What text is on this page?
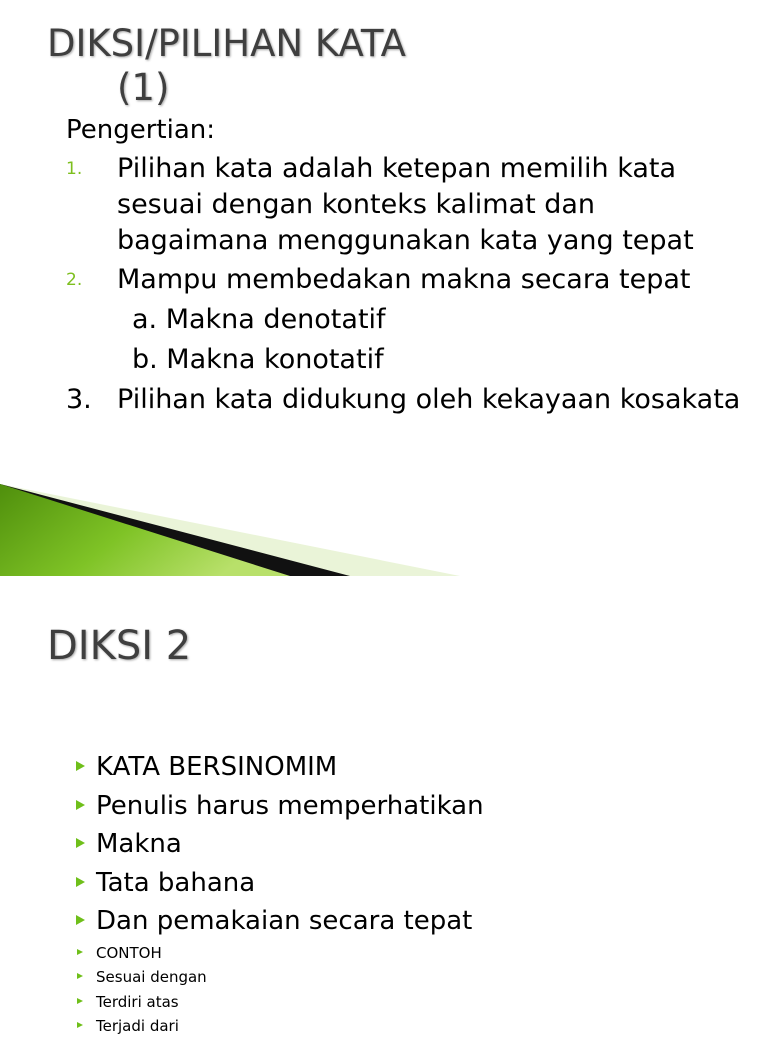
DIKSI/PILIHAN KATA
(1)
Pengertian:
1. Pilihan kata adalah ketepan memilih kata sesuai dengan konteks kalimat dan bagaimana menggunakan kata yang tepat
2. Mampu membedakan makna secara tepat
a. Makna denotatif
b. Makna konotatif
3. Pilihan kata didukung oleh kekayaan kosakata
DIKSI 2
KATA BERSINOMIM
Penulis harus memperhatikan
Makna
Tata bahana
Dan pemakaian secara tepat
CONTOH
Sesuai dengan
Terdiri atas
Terjadi dari
